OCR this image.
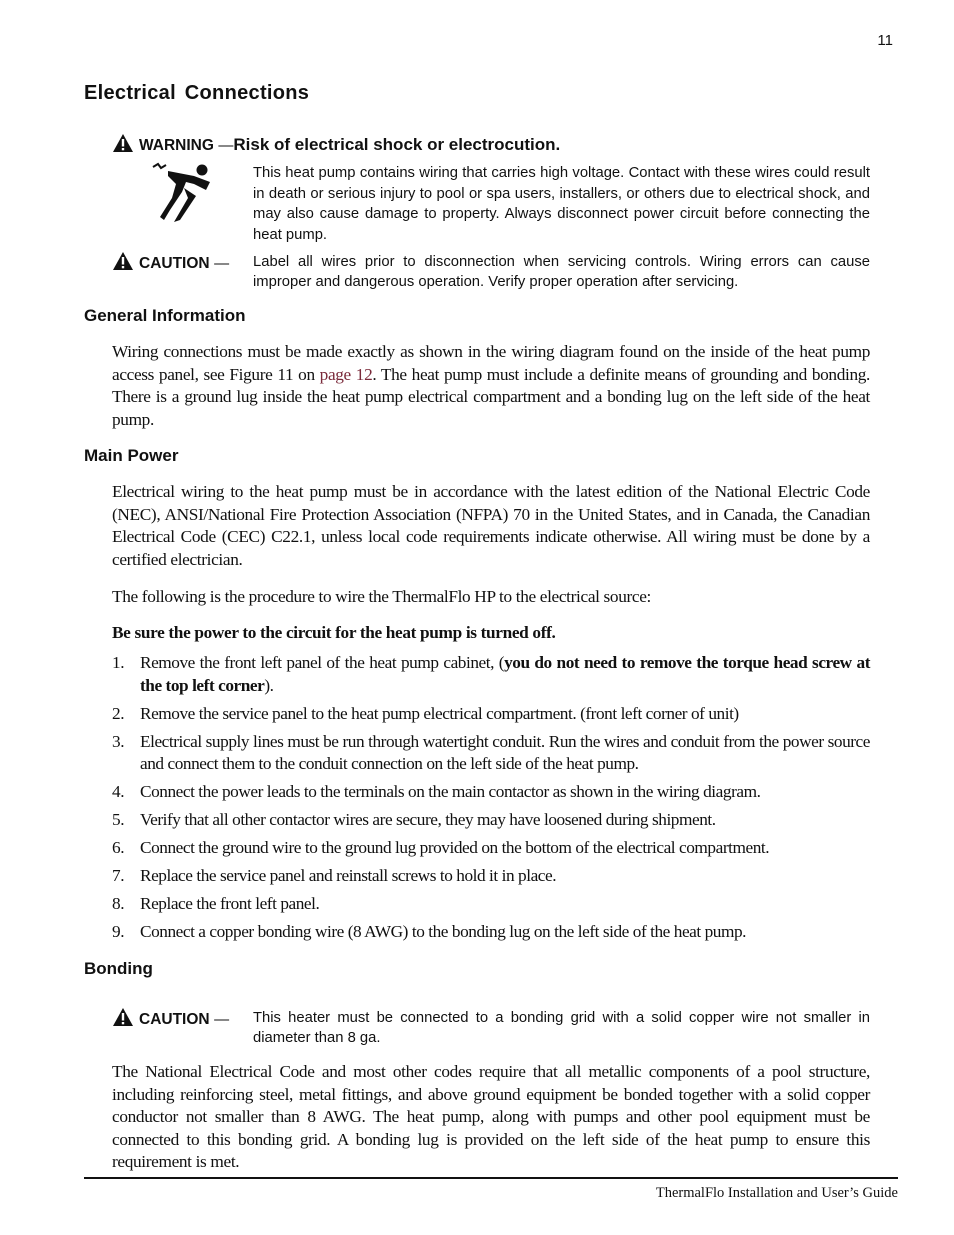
11
Electrical Connections
WARNING —Risk of electrical shock or electrocution.
This heat pump contains wiring that carries high voltage. Contact with these wires could result in death or serious injury to pool or spa users, installers, or others due to electrical shock, and may also cause damage to property. Always disconnect power circuit before connecting the heat pump.
CAUTION — Label all wires prior to disconnection when servicing controls. Wiring errors can cause improper and dangerous operation. Verify proper operation after servicing.
General Information
Wiring connections must be made exactly as shown in the wiring diagram found on the inside of the heat pump access panel, see Figure 11 on page 12. The heat pump must include a definite means of grounding and bonding. There is a ground lug inside the heat pump electrical compartment and a bonding lug on the left side of the heat pump.
Main Power
Electrical wiring to the heat pump must be in accordance with the latest edition of the National Electric Code (NEC), ANSI/National Fire Protection Association (NFPA) 70 in the United States, and in Canada, the Canadian Electrical Code (CEC) C22.1, unless local code requirements indicate otherwise. All wiring must be done by a certified electrician.
The following is the procedure to wire the ThermalFlo HP to the electrical source:
Be sure the power to the circuit for the heat pump is turned off.
1. Remove the front left panel of the heat pump cabinet, (you do not need to remove the torque head screw at the top left corner).
2. Remove the service panel to the heat pump electrical compartment. (front left corner of unit)
3. Electrical supply lines must be run through watertight conduit. Run the wires and conduit from the power source and connect them to the conduit connection on the left side of the heat pump.
4. Connect the power leads to the terminals on the main contactor as shown in the wiring diagram.
5. Verify that all other contactor wires are secure, they may have loosened during shipment.
6. Connect the ground wire to the ground lug provided on the bottom of the electrical compartment.
7. Replace the service panel and reinstall screws to hold it in place.
8. Replace the front left panel.
9. Connect a copper bonding wire (8 AWG) to the bonding lug on the left side of the heat pump.
Bonding
CAUTION — This heater must be connected to a bonding grid with a solid copper wire not smaller in diameter than 8 ga.
The National Electrical Code and most other codes require that all metallic components of a pool structure, including reinforcing steel, metal fittings, and above ground equipment be bonded together with a solid copper conductor not smaller than 8 AWG. The heat pump, along with pumps and other pool equipment must be connected to this bonding grid. A bonding lug is provided on the left side of the heat pump to ensure this requirement is met.
ThermalFlo Installation and User’s Guide
